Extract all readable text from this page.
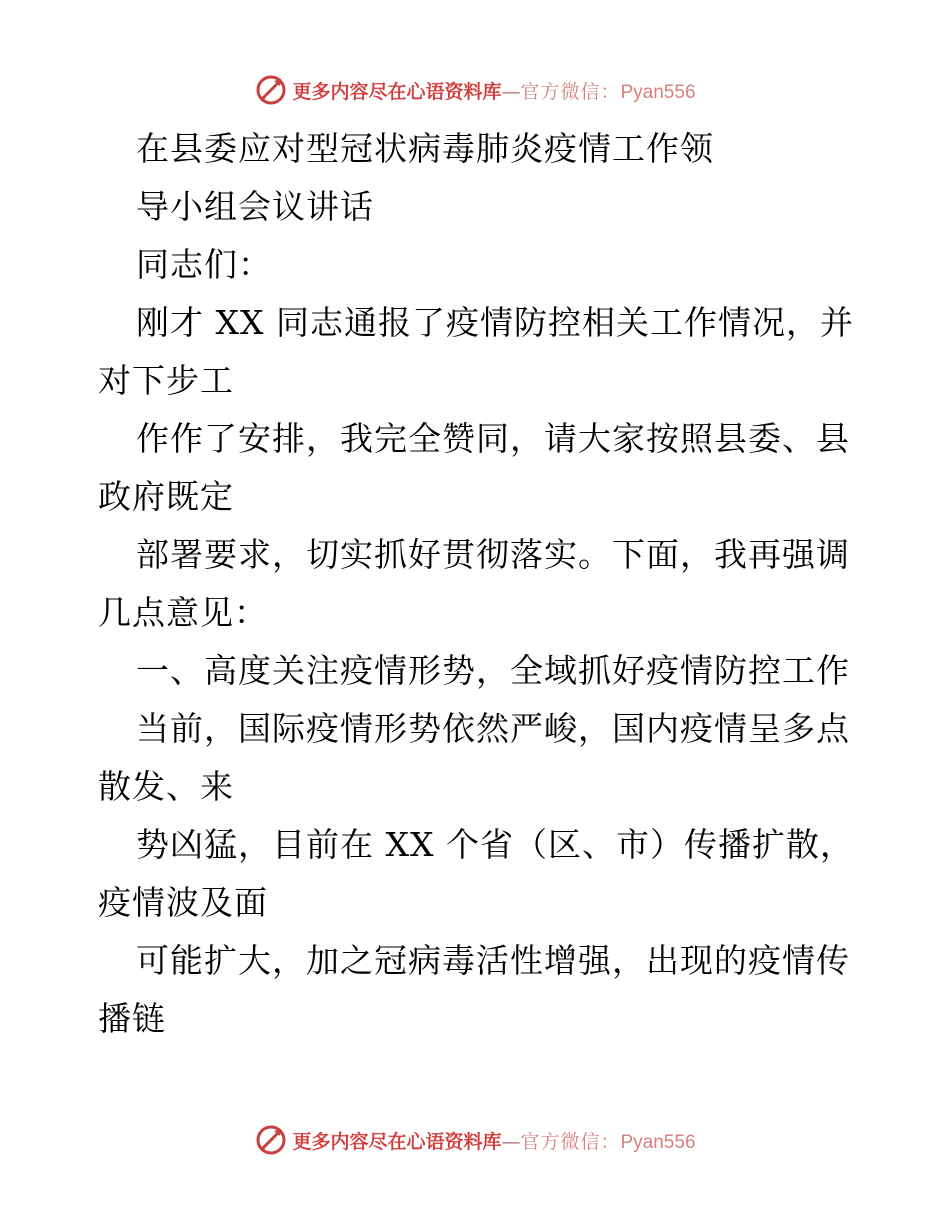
更多内容尽在心语资料库—官方微信：Pyan556
在县委应对型冠状病毒肺炎疫情工作领
导小组会议讲话
同志们：
刚才 XX 同志通报了疫情防控相关工作情况，并
对下步工
作作了安排，我完全赞同，请大家按照县委、县
政府既定
部署要求，切实抓好贯彻落实。下面，我再强调
几点意见：
一、高度关注疫情形势，全域抓好疫情防控工作
当前，国际疫情形势依然严峻，国内疫情呈多点
散发、来
势凶猛，目前在 XX 个省（区、市）传播扩散，
疫情波及面
可能扩大，加之冠病毒活性增强，出现的疫情传
播链
更多内容尽在心语资料库—官方微信：Pyan556
